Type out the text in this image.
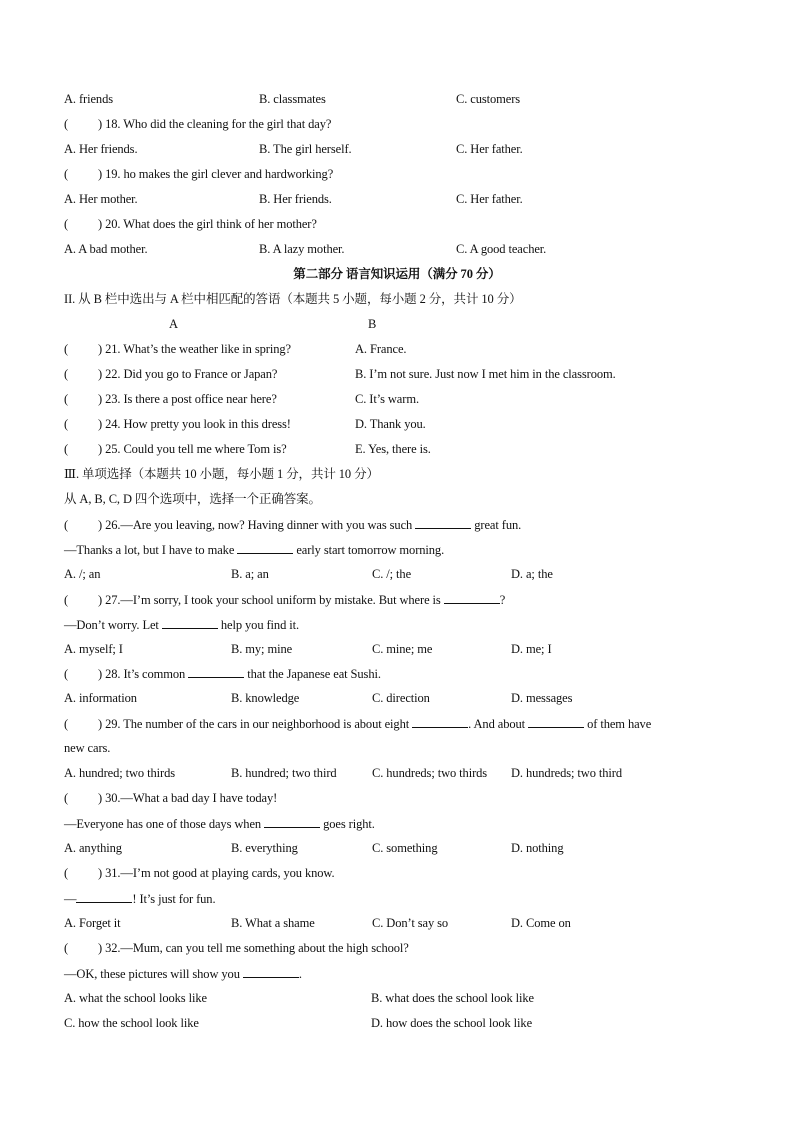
A. friends	B. classmates	C. customers
( ) 18. Who did the cleaning for the girl that day?
A. Her friends.	B. The girl herself.	C. Her father.
( ) 19. ho makes the girl clever and hardworking?
A. Her mother.	B. Her friends.	C. Her father.
( ) 20. What does the girl think of her mother?
A. A bad mother.	B. A lazy mother.	C. A good teacher.
第二部分 语言知识运用（满分 70 分）
II. 从 B 栏中选出与 A 栏中相匹配的答语（本题共 5 小题，每小题 2 分，共计 10 分）
A	B
( ) 21. What’s the weather like in spring?	A. France.
( ) 22. Did you go to France or Japan?	B. I’m not sure. Just now I met him in the classroom.
( ) 23. Is there a post office near here?	C. It’s warm.
( ) 24. How pretty you look in this dress!	D. Thank you.
( ) 25. Could you tell me where Tom is?	E. Yes, there is.
Ⅲ. 单项选择（本题共 10 小题，每小题 1 分，共计 10 分）
从 A, B, C, D 四个选项中，选择一个正确答案。
( ) 26.—Are you leaving, now? Having dinner with you was such	great fun.
—Thanks a lot, but I have to make	early start tomorrow morning.
A. /; an	B. a; an	C. /; the	D. a; the
( ) 27.—I’m sorry, I took your school uniform by mistake. But where is	?
—Don’t worry. Let	help you find it.
A. myself; I	B. my; mine	C. mine; me	D. me; I
( ) 28. It’s common	that the Japanese eat Sushi.
A. information	B. knowledge	C. direction	D. messages
( ) 29. The number of the cars in our neighborhood is about eight	. And about	of them have
new cars.
A. hundred; two thirds	B. hundred; two third	C. hundreds; two thirds D. hundreds; two third
( ) 30.—What a bad day I have today!
—Everyone has one of those days when	goes right.
A. anything	B. everything	C. something	D. nothing
( ) 31.—I’m not good at playing cards, you know.
—	! It’s just for fun.
A. Forget it	B. What a shame	C. Don’t say so	D. Come on
( ) 32.—Mum, can you tell me something about the high school?
—OK, these pictures will show you	.
A. what the school looks like	B. what does the school look like
C. how the school look like	D. how does the school look like
